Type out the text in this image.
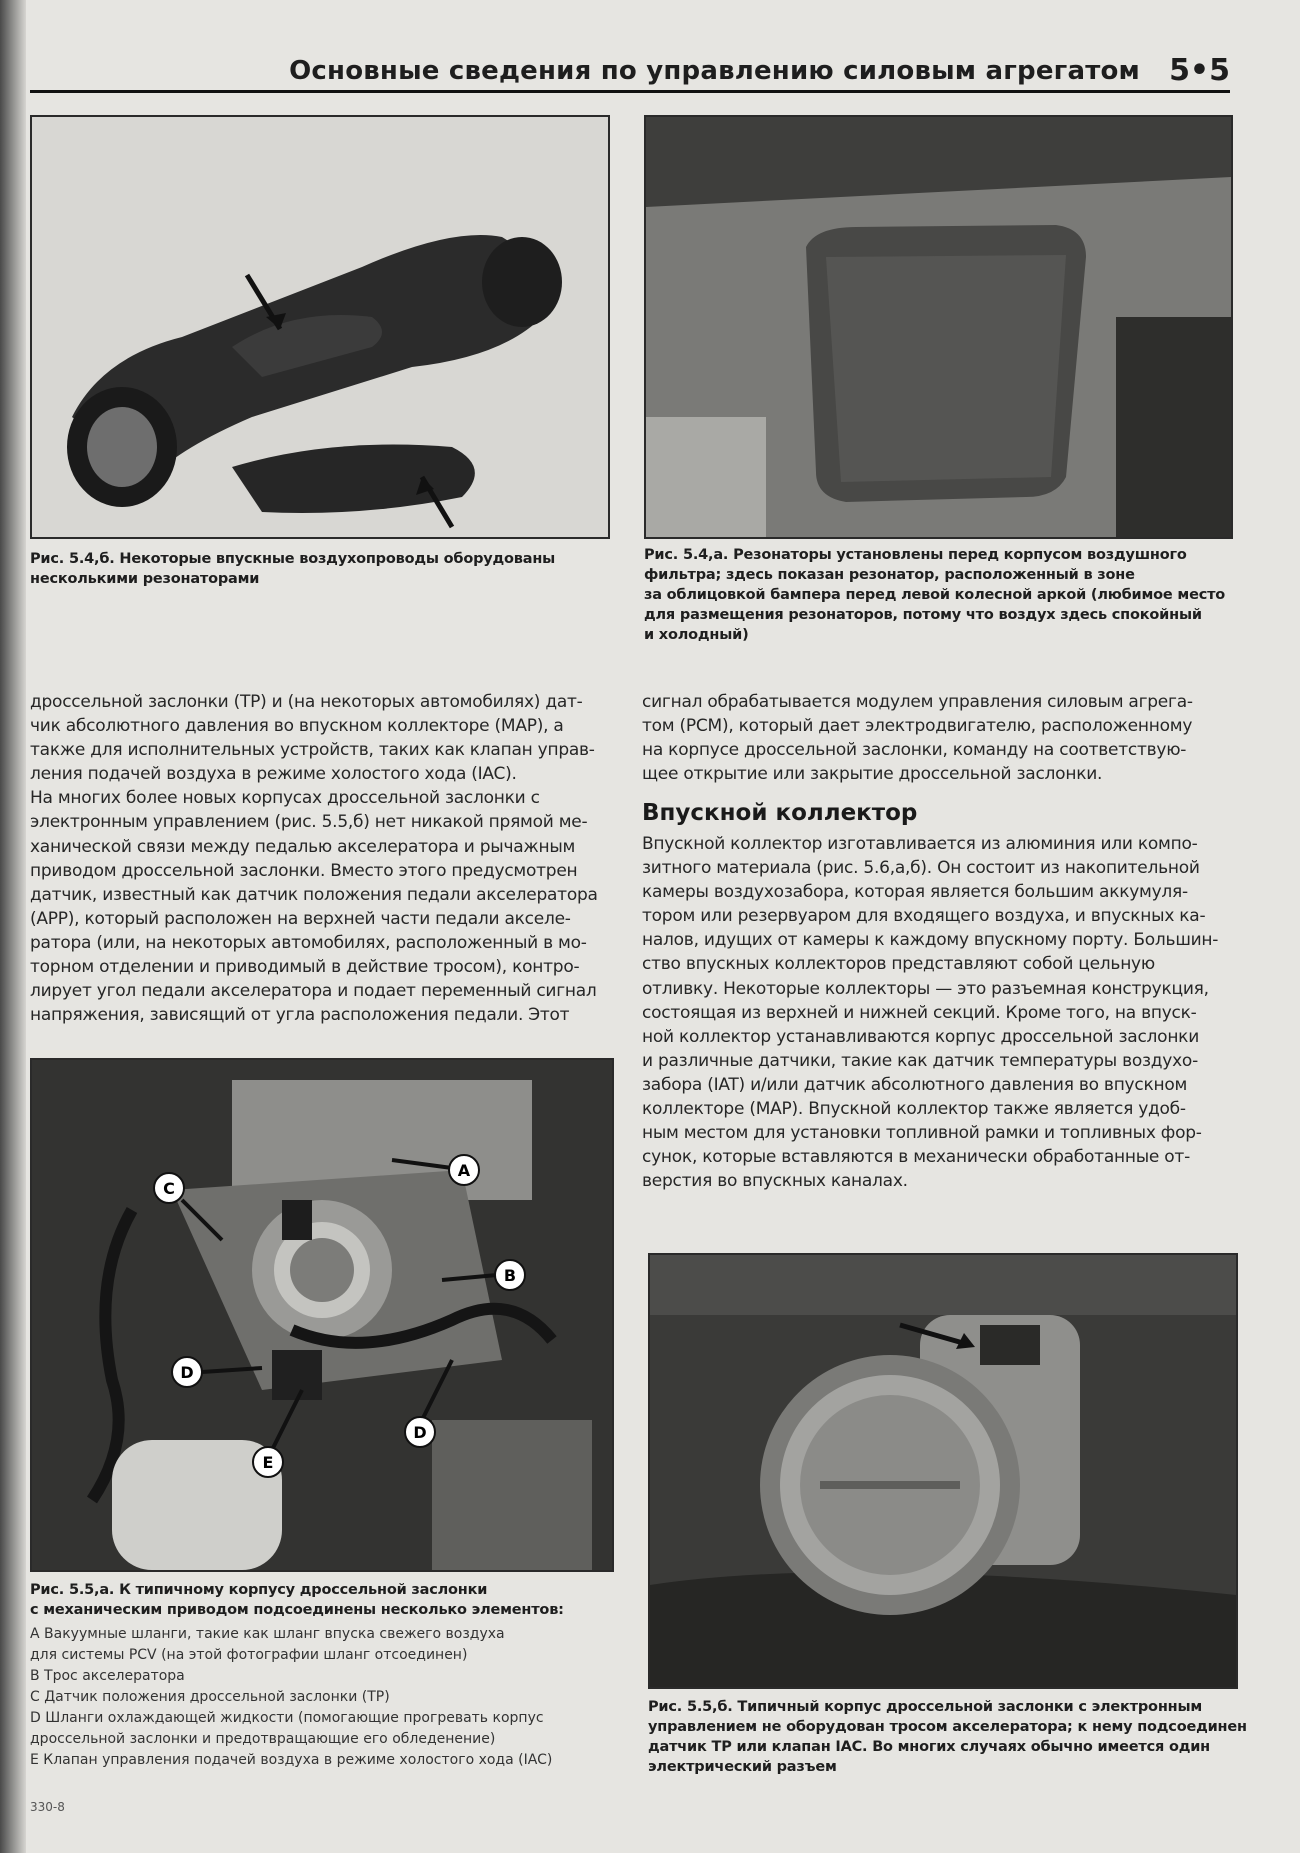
Основные сведения по управлению силовым агрегатом 5•5
Рис. 5.4,б. Некоторые впускные воздухопроводы оборудованы
несколькими резонаторами
Рис. 5.4,а. Резонаторы установлены перед корпусом воздушного
фильтра; здесь показан резонатор, расположенный в зоне
за облицовкой бампера перед левой колесной аркой (любимое место
для размещения резонаторов, потому что воздух здесь спокойный
и холодный)
дроссельной заслонки (TP) и (на некоторых автомобилях) дат-
чик абсолютного давления во впускном коллекторе (MAP), а
также для исполнительных устройств, таких как клапан управ-
ления подачей воздуха в режиме холостого хода (IAC).
На многих более новых корпусах дроссельной заслонки с
электронным управлением (рис. 5.5,б) нет никакой прямой ме-
ханической связи между педалью акселератора и рычажным
приводом дроссельной заслонки. Вместо этого предусмотрен
датчик, известный как датчик положения педали акселератора
(APP), который расположен на верхней части педали акселе-
ратора (или, на некоторых автомобилях, расположенный в мо-
торном отделении и приводимый в действие тросом), контро-
лирует угол педали акселератора и подает переменный сигнал
напряжения, зависящий от угла расположения педали. Этот
сигнал обрабатывается модулем управления силовым агрега-
том (PCM), который дает электродвигателю, расположенному
на корпусе дроссельной заслонки, команду на соответствую-
щее открытие или закрытие дроссельной заслонки.
Впускной коллектор
Впускной коллектор изготавливается из алюминия или компо-
зитного материала (рис. 5.6,а,б). Он состоит из накопительной
камеры воздухозабора, которая является большим аккумуля-
тором или резервуаром для входящего воздуха, и впускных ка-
налов, идущих от камеры к каждому впускному порту. Большин-
ство впускных коллекторов представляют собой цельную
отливку. Некоторые коллекторы — это разъемная конструкция,
состоящая из верхней и нижней секций. Кроме того, на впуск-
ной коллектор устанавливаются корпус дроссельной заслонки
и различные датчики, такие как датчик температуры воздухо-
забора (IAT) и/или датчик абсолютного давления во впускном
коллекторе (MAP). Впускной коллектор также является удоб-
ным местом для установки топливной рамки и топливных фор-
сунок, которые вставляются в механически обработанные от-
верстия во впускных каналах.
A
B
C
D
D
E
Рис. 5.5,а. К типичному корпусу дроссельной заслонки
с механическим приводом подсоединены несколько элементов:
A Вакуумные шланги, такие как шланг впуска свежего воздуха
для системы PCV (на этой фотографии шланг отсоединен)
B Трос акселератора
C Датчик положения дроссельной заслонки (TP)
D Шланги охлаждающей жидкости (помогающие прогревать корпус
дроссельной заслонки и предотвращающие его обледенение)
E Клапан управления подачей воздуха в режиме холостого хода (IAC)
Рис. 5.5,б. Типичный корпус дроссельной заслонки с электронным
управлением не оборудован тросом акселератора; к нему подсоединен
датчик TP или клапан IAC. Во многих случаях обычно имеется один
электрический разъем
330-8
